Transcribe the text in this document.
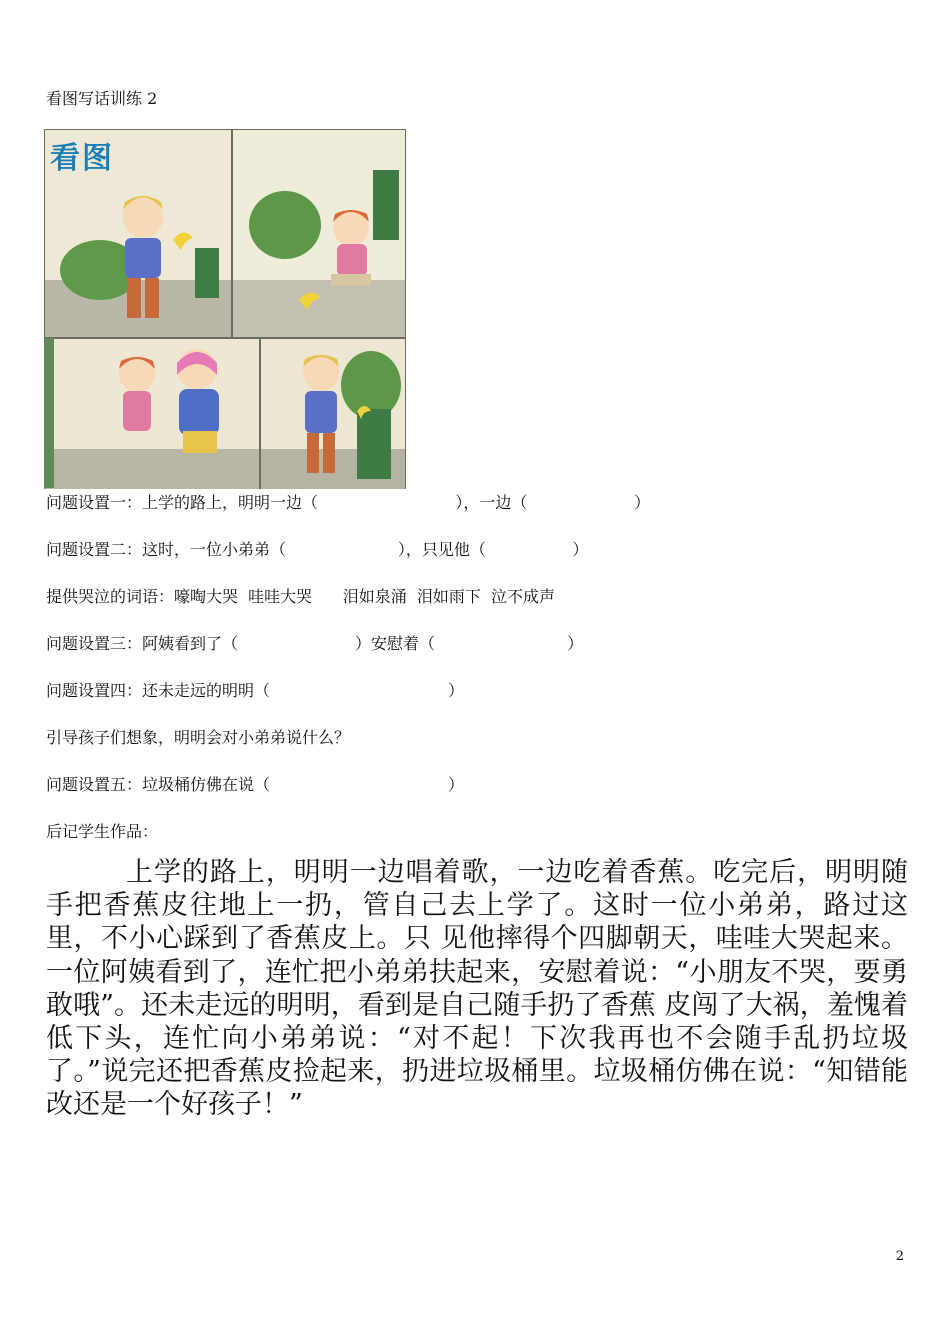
看图写话训练 2
看图
问题设置一：上学的路上，明明一边（                           ），一边（                     ）
问题设置二：这时，一位小弟弟（                      ），只见他（                 ）
提供哭泣的词语：嚎啕大哭  哇哇大哭      泪如泉涌  泪如雨下  泣不成声
问题设置三：阿姨看到了（                       ）安慰着（                          ）
问题设置四：还未走远的明明（                                   ）
引导孩子们想象，明明会对小弟弟说什么？
问题设置五：垃圾桶仿佛在说（                                   ）
后记学生作品：

上学的路上，明明一边唱着歌，一边吃着香蕉。吃完后，明明随手把香蕉皮往地上一扔，管自己去上学了。这时一位小弟弟，路过这里，不小心踩到了香蕉皮上。只 见他摔得个四脚朝天，哇哇大哭起来。一位阿姨看到了，连忙把小弟弟扶起来，安慰着说：“小朋友不哭，要勇敢哦”。还未走远的明明，看到是自己随手扔了香蕉 皮闯了大祸，羞愧着低下头，连忙向小弟弟说：“对不起！下次我再也不会随手乱扔垃圾了。”说完还把香蕉皮捡起来，扔进垃圾桶里。垃圾桶仿佛在说：“知错能 改还是一个好孩子！”

2
